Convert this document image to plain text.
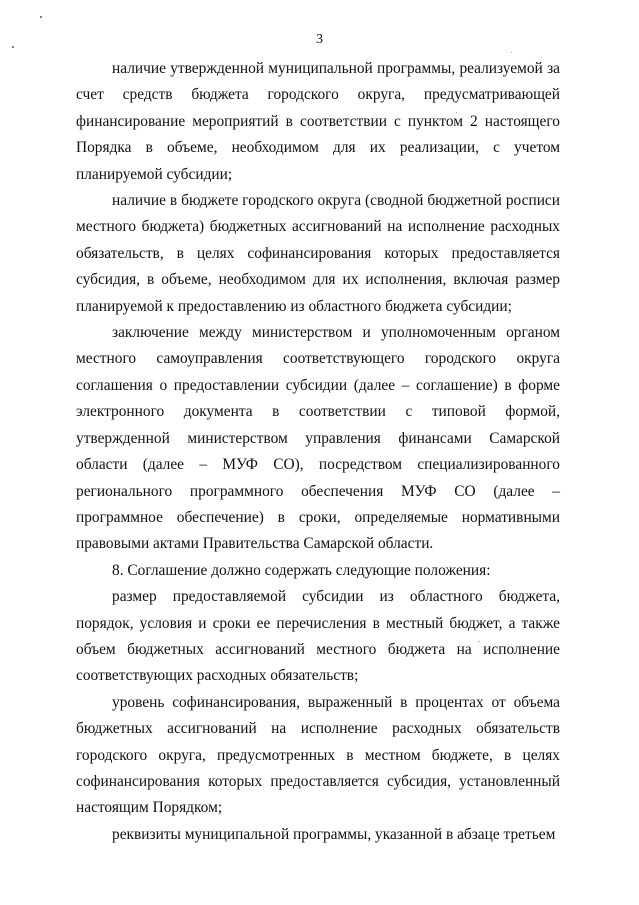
3

наличие утвержденной муниципальной программы, реализуемой за счет средств бюджета городского округа, предусматривающей финансирование мероприятий в соответствии с пунктом 2 настоящего Порядка в объеме, необходимом для их реализации, с учетом планируемой субсидии;

наличие в бюджете городского округа (сводной бюджетной росписи местного бюджета) бюджетных ассигнований на исполнение расходных обязательств, в целях софинансирования которых предоставляется субсидия, в объеме, необходимом для их исполнения, включая размер планируемой к предоставлению из областного бюджета субсидии;

заключение между министерством и уполномоченным органом местного самоуправления соответствующего городского округа соглашения о предоставлении субсидии (далее – соглашение) в форме электронного документа в соответствии с типовой формой, утвержденной министерством управления финансами Самарской области (далее – МУФ СО), посредством специализированного регионального программного обеспечения МУФ СО (далее – программное обеспечение) в сроки, определяемые нормативными правовыми актами Правительства Самарской области.

8. Соглашение должно содержать следующие положения:

размер предоставляемой субсидии из областного бюджета, порядок, условия и сроки ее перечисления в местный бюджет, а также объем бюджетных ассигнований местного бюджета на исполнение соответствующих расходных обязательств;

уровень софинансирования, выраженный в процентах от объема бюджетных ассигнований на исполнение расходных обязательств городского округа, предусмотренных в местном бюджете, в целях софинансирования которых предоставляется субсидия, установленный настоящим Порядком;

реквизиты муниципальной программы, указанной в абзаце третьем
